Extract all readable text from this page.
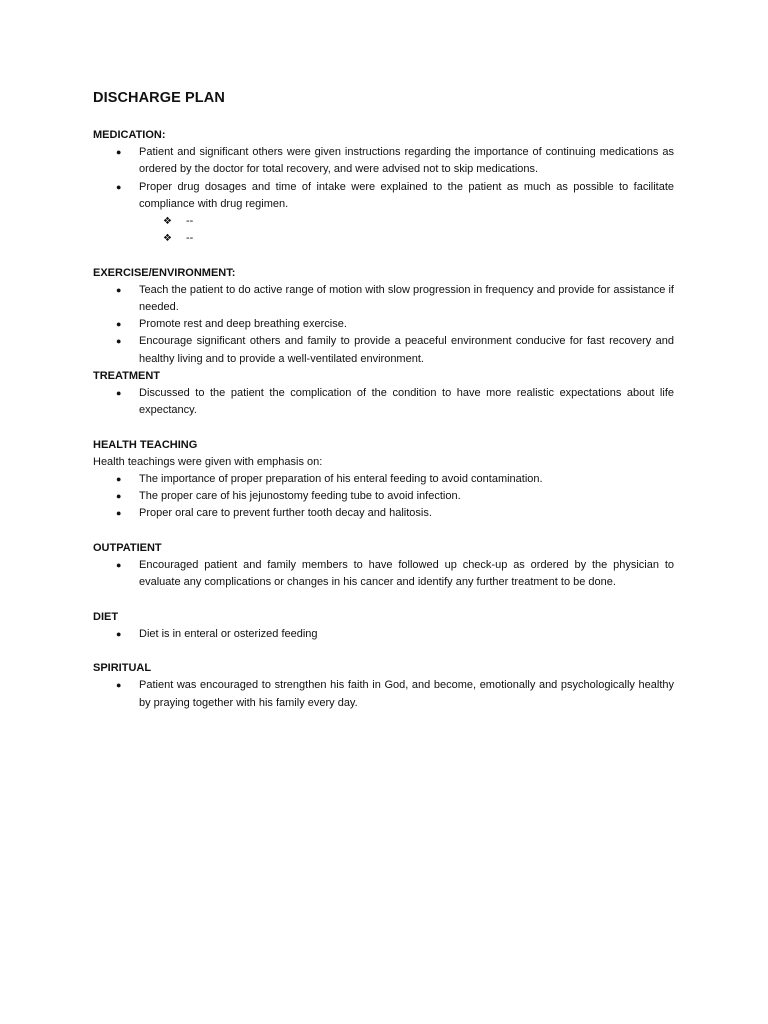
DISCHARGE PLAN
MEDICATION:
● Patient and significant others were given instructions regarding the importance of continuing medications as ordered by the doctor for total recovery, and were advised not to skip medications.
● Proper drug dosages and time of intake were explained to the patient as much as possible to facilitate compliance with drug regimen.
❖ --
❖ --
EXERCISE/ENVIRONMENT:
● Teach the patient to do active range of motion with slow progression in frequency and provide for assistance if needed.
● Promote rest and deep breathing exercise.
● Encourage significant others and family to provide a peaceful environment conducive for fast recovery and healthy living and to provide a well-ventilated environment.
TREATMENT
● Discussed to the patient the complication of the condition to have more realistic expectations about life expectancy.
HEALTH TEACHING
Health teachings were given with emphasis on:
● The importance of proper preparation of his enteral feeding to avoid contamination.
● The proper care of his jejunostomy feeding tube to avoid infection.
● Proper oral care to prevent further tooth decay and halitosis.
OUTPATIENT
● Encouraged patient and family members to have followed up check-up as ordered by the physician to evaluate any complications or changes in his cancer and identify any further treatment to be done.
DIET
● Diet is in enteral or osterized feeding
SPIRITUAL
● Patient was encouraged to strengthen his faith in God, and become, emotionally and psychologically healthy by praying together with his family every day.
